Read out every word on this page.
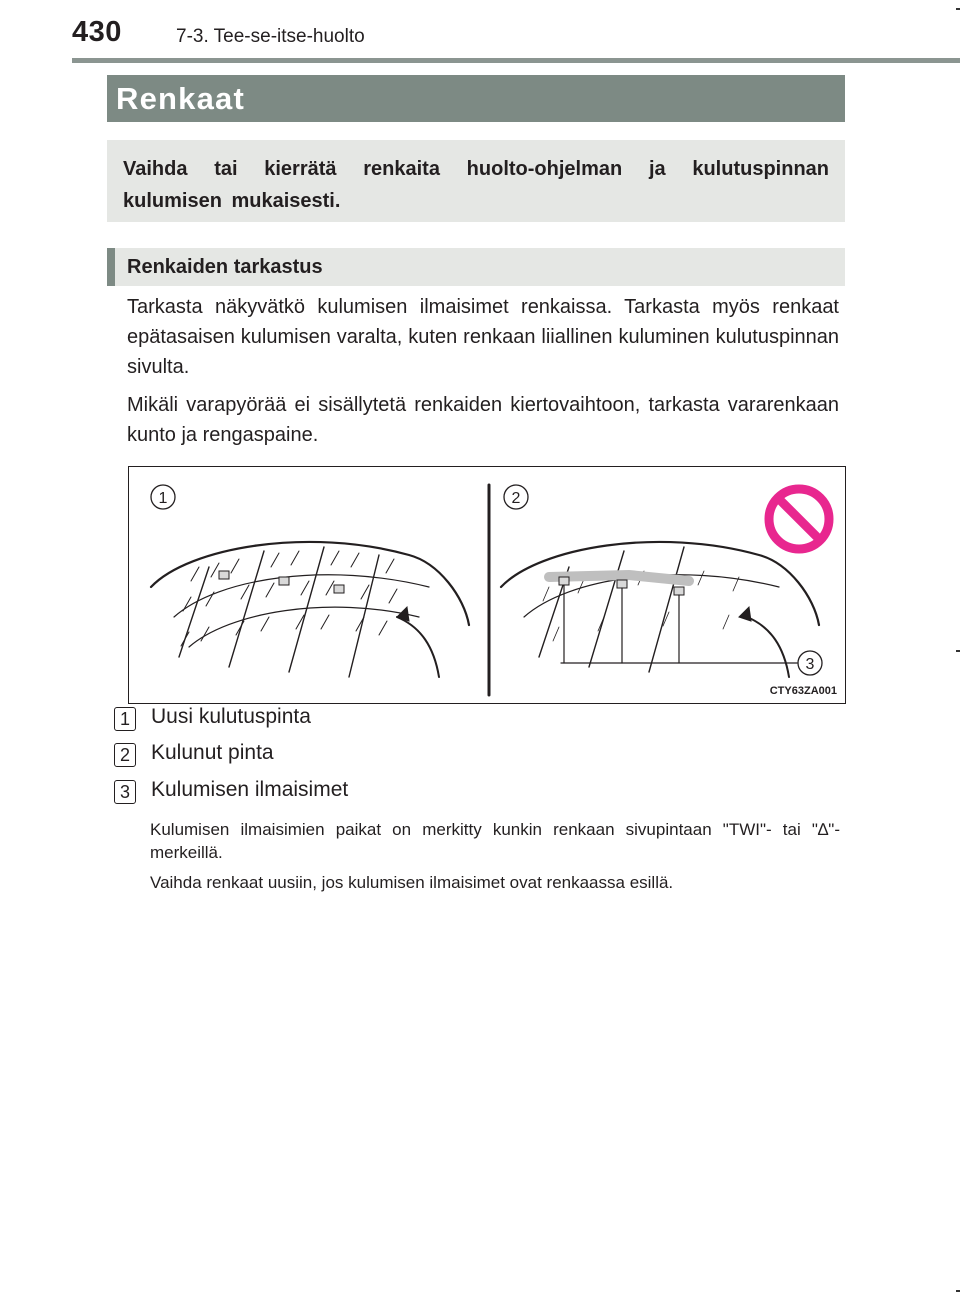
430	7-3. Tee-se-itse-huolto
Renkaat
Vaihda tai kierrätä renkaita huolto-ohjelman ja kulutuspinnan kulumisen mukaisesti.
Renkaiden tarkastus
Tarkasta näkyvätkö kulumisen ilmaisimet renkaissa. Tarkasta myös renkaat epätasaisen kulumisen varalta, kuten renkaan liiallinen kuluminen kulutuspinnan sivulta.
Mikäli varapyörää ei sisällytetä renkaiden kiertovaihtoon, tarkasta vararenkaan kunto ja rengaspaine.
1	2
3
CTY63ZA001
1 Uusi kulutuspinta
2 Kulunut pinta
3 Kulumisen ilmaisimet
Kulumisen ilmaisimien paikat on merkitty kunkin renkaan sivupintaan "TWI"- tai "∆"-merkeillä.
Vaihda renkaat uusiin, jos kulumisen ilmaisimet ovat renkaassa esillä.
